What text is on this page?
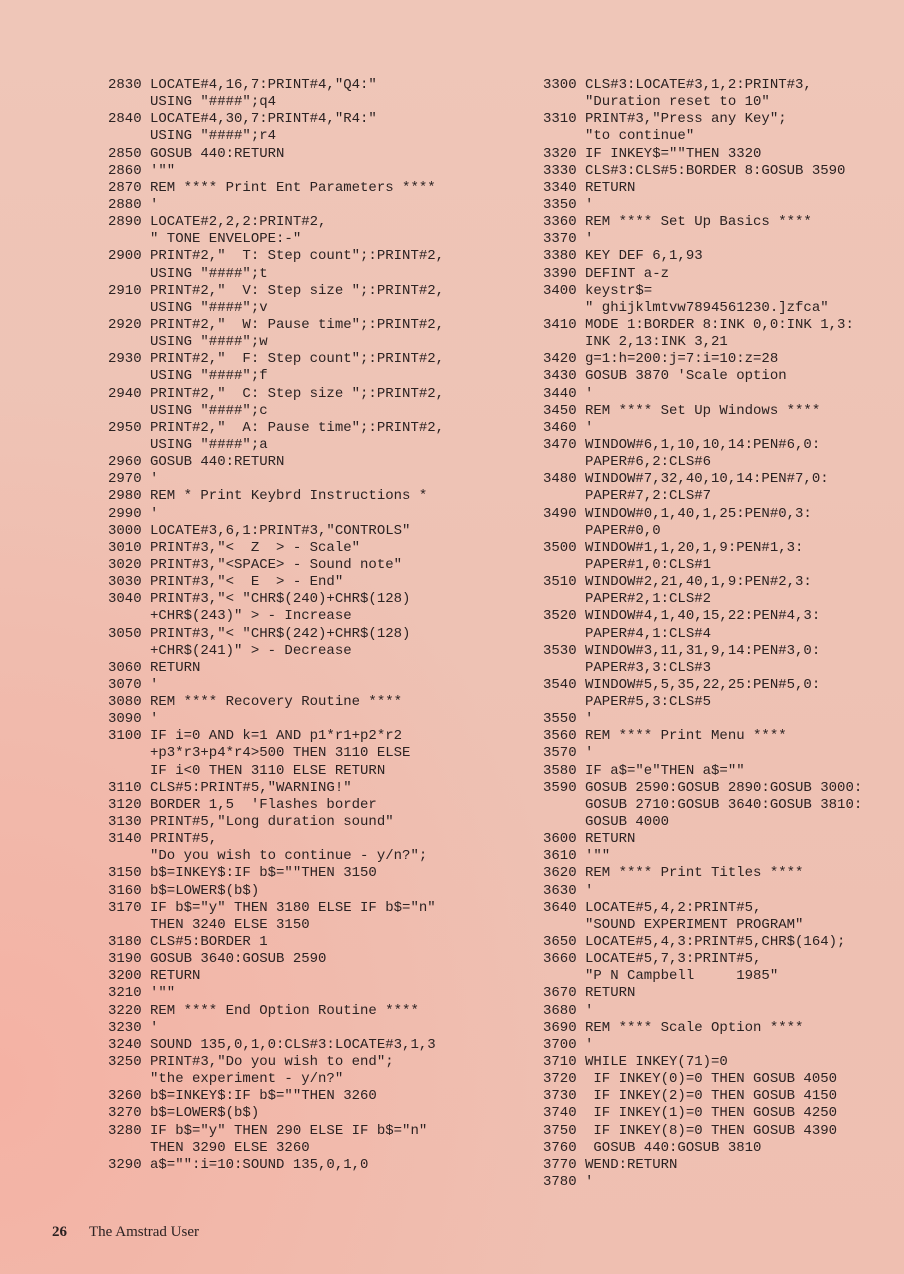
2830 LOCATE#4,16,7:PRINT#4,"Q4:"
USING "####";q4
2840 LOCATE#4,30,7:PRINT#4,"R4:"
USING "####";r4
2850 GOSUB 440:RETURN
2860 '""
2870 REM **** Print Ent Parameters ****
2880 '
2890 LOCATE#2,2,2:PRINT#2,
" TONE ENVELOPE:-"
2900 PRINT#2,"  T: Step count";:PRINT#2,
USING "####";t
2910 PRINT#2,"  V: Step size ";:PRINT#2,
USING "####";v
2920 PRINT#2,"  W: Pause time";:PRINT#2,
USING "####";w
2930 PRINT#2,"  F: Step count";:PRINT#2,
USING "####";f
2940 PRINT#2,"  C: Step size ";:PRINT#2,
USING "####";c
2950 PRINT#2,"  A: Pause time";:PRINT#2,
USING "####";a
2960 GOSUB 440:RETURN
2970 '
2980 REM * Print Keybrd Instructions *
2990 '
3000 LOCATE#3,6,1:PRINT#3,"CONTROLS"
3010 PRINT#3,"<  Z  > - Scale"
3020 PRINT#3,"<SPACE> - Sound note"
3030 PRINT#3,"<  E  > - End"
3040 PRINT#3,"< "CHR$(240)+CHR$(128)
+CHR$(243)" > - Increase
3050 PRINT#3,"< "CHR$(242)+CHR$(128)
+CHR$(241)" > - Decrease
3060 RETURN
3070 '
3080 REM **** Recovery Routine ****
3090 '
3100 IF i=0 AND k=1 AND p1*r1+p2*r2
+p3*r3+p4*r4>500 THEN 3110 ELSE
IF i<0 THEN 3110 ELSE RETURN
3110 CLS#5:PRINT#5,"WARNING!"
3120 BORDER 1,5  'Flashes border
3130 PRINT#5,"Long duration sound"
3140 PRINT#5,
"Do you wish to continue - y/n?";
3150 b$=INKEY$:IF b$=""THEN 3150
3160 b$=LOWER$(b$)
3170 IF b$="y" THEN 3180 ELSE IF b$="n"
THEN 3240 ELSE 3150
3180 CLS#5:BORDER 1
3190 GOSUB 3640:GOSUB 2590
3200 RETURN
3210 '""
3220 REM **** End Option Routine ****
3230 '
3240 SOUND 135,0,1,0:CLS#3:LOCATE#3,1,3
3250 PRINT#3,"Do you wish to end";
"the experiment - y/n?"
3260 b$=INKEY$:IF b$=""THEN 3260
3270 b$=LOWER$(b$)
3280 IF b$="y" THEN 290 ELSE IF b$="n"
THEN 3290 ELSE 3260
3290 a$="":i=10:SOUND 135,0,1,0
3300 CLS#3:LOCATE#3,1,2:PRINT#3,
"Duration reset to 10"
3310 PRINT#3,"Press any Key";
"to continue"
3320 IF INKEY$=""THEN 3320
3330 CLS#3:CLS#5:BORDER 8:GOSUB 3590
3340 RETURN
3350 '
3360 REM **** Set Up Basics ****
3370 '
3380 KEY DEF 6,1,93
3390 DEFINT a-z
3400 keystr$=
" ghijklmtvw7894561230.]zfca"
3410 MODE 1:BORDER 8:INK 0,0:INK 1,3:
INK 2,13:INK 3,21
3420 g=1:h=200:j=7:i=10:z=28
3430 GOSUB 3870 'Scale option
3440 '
3450 REM **** Set Up Windows ****
3460 '
3470 WINDOW#6,1,10,10,14:PEN#6,0:
PAPER#6,2:CLS#6
3480 WINDOW#7,32,40,10,14:PEN#7,0:
PAPER#7,2:CLS#7
3490 WINDOW#0,1,40,1,25:PEN#0,3:
PAPER#0,0
3500 WINDOW#1,1,20,1,9:PEN#1,3:
PAPER#1,0:CLS#1
3510 WINDOW#2,21,40,1,9:PEN#2,3:
PAPER#2,1:CLS#2
3520 WINDOW#4,1,40,15,22:PEN#4,3:
PAPER#4,1:CLS#4
3530 WINDOW#3,11,31,9,14:PEN#3,0:
PAPER#3,3:CLS#3
3540 WINDOW#5,5,35,22,25:PEN#5,0:
PAPER#5,3:CLS#5
3550 '
3560 REM **** Print Menu ****
3570 '
3580 IF a$="e"THEN a$=""
3590 GOSUB 2590:GOSUB 2890:GOSUB 3000:
GOSUB 2710:GOSUB 3640:GOSUB 3810:
GOSUB 4000
3600 RETURN
3610 '""
3620 REM **** Print Titles ****
3630 '
3640 LOCATE#5,4,2:PRINT#5,
"SOUND EXPERIMENT PROGRAM"
3650 LOCATE#5,4,3:PRINT#5,CHR$(164);
3660 LOCATE#5,7,3:PRINT#5,
"P N Campbell     1985"
3670 RETURN
3680 '
3690 REM **** Scale Option ****
3700 '
3710 WHILE INKEY(71)=0
3720 IF INKEY(0)=0 THEN GOSUB 4050
3730 IF INKEY(2)=0 THEN GOSUB 4150
3740 IF INKEY(1)=0 THEN GOSUB 4250
3750 IF INKEY(8)=0 THEN GOSUB 4390
3760 GOSUB 440:GOSUB 3810
3770 WEND:RETURN
3780 '
26 The Amstrad User
